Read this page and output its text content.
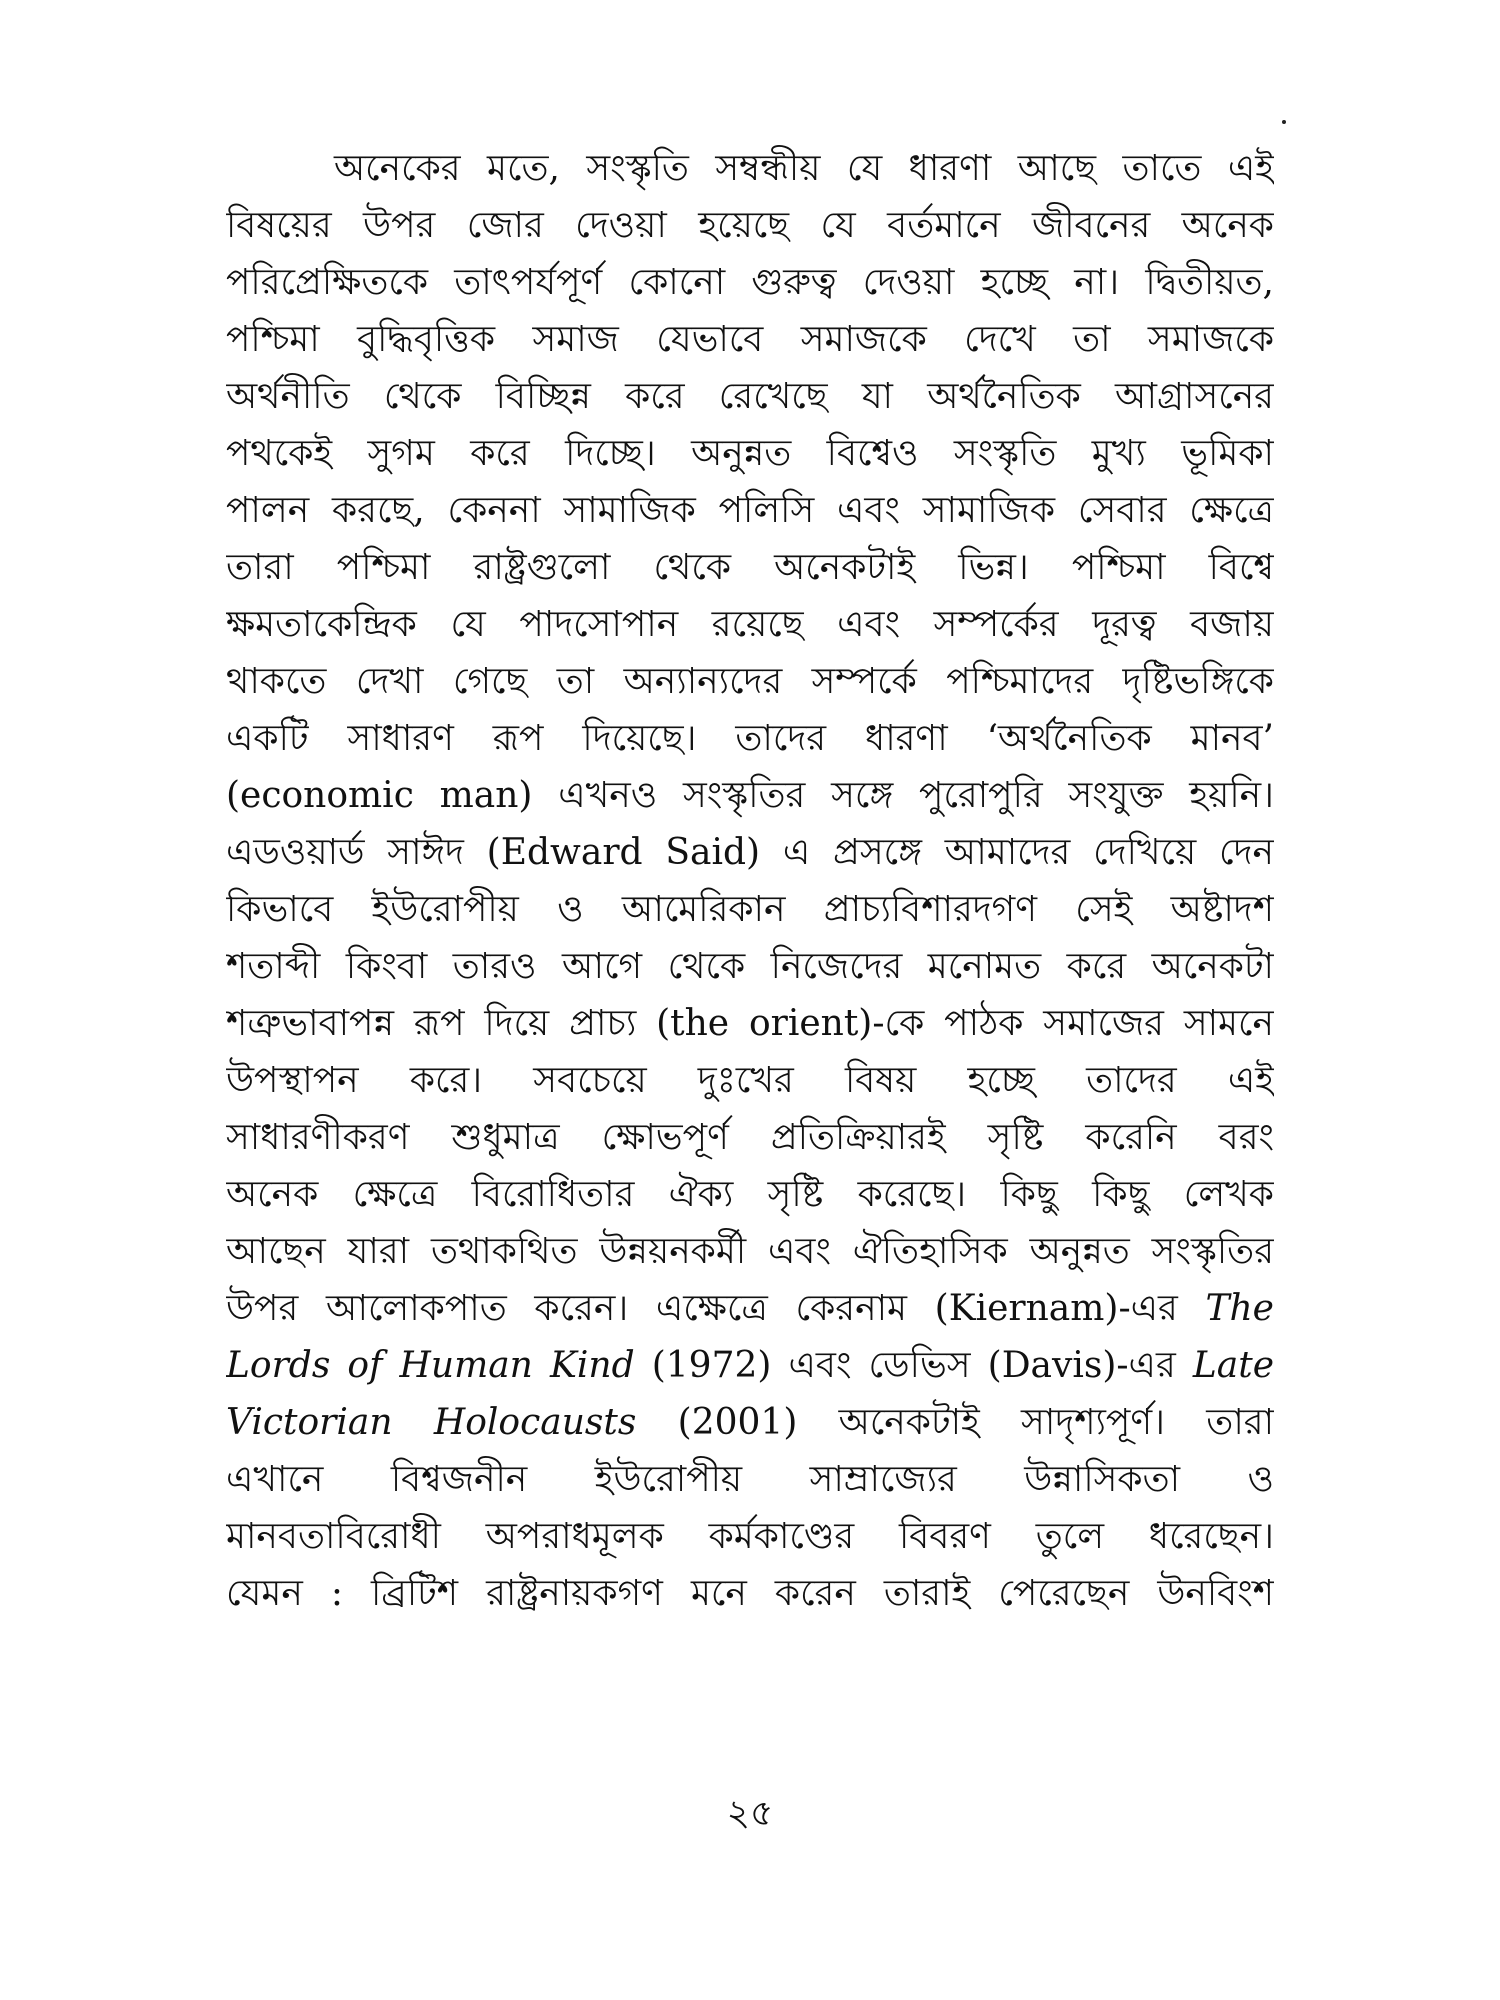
অনেকের মতে, সংস্কৃতি সম্বন্ধীয় যে ধারণা আছে তাতে এই
বিষয়ের উপর জোর দেওয়া হয়েছে যে বর্তমানে জীবনের অনেক
পরিপ্রেক্ষিতকে তাৎপর্যপূর্ণ কোনো গুরুত্ব দেওয়া হচ্ছে না। দ্বিতীয়ত,
পশ্চিমা বুদ্ধিবৃত্তিক সমাজ যেভাবে সমাজকে দেখে তা সমাজকে
অর্থনীতি থেকে বিচ্ছিন্ন করে রেখেছে যা অর্থনৈতিক আগ্রাসনের
পথকেই সুগম করে দিচ্ছে। অনুন্নত বিশ্বেও সংস্কৃতি মুখ্য ভূমিকা
পালন করছে, কেননা সামাজিক পলিসি এবং সামাজিক সেবার ক্ষেত্রে
তারা পশ্চিমা রাষ্ট্রগুলো থেকে অনেকটাই ভিন্ন। পশ্চিমা বিশ্বে
ক্ষমতাকেন্দ্রিক যে পাদসোপান রয়েছে এবং সম্পর্কের দূরত্ব বজায়
থাকতে দেখা গেছে তা অন্যান্যদের সম্পর্কে পশ্চিমাদের দৃষ্টিভঙ্গিকে
একটি সাধারণ রূপ দিয়েছে। তাদের ধারণা ‘অর্থনৈতিক মানব’
(economic man) এখনও সংস্কৃতির সঙ্গে পুরোপুরি সংযুক্ত হয়নি।
এডওয়ার্ড সাঈদ (Edward Said) এ প্রসঙ্গে আমাদের দেখিয়ে দেন
কিভাবে ইউরোপীয় ও আমেরিকান প্রাচ্যবিশারদগণ সেই অষ্টাদশ
শতাব্দী কিংবা তারও আগে থেকে নিজেদের মনোমত করে অনেকটা
শত্রুভাবাপন্ন রূপ দিয়ে প্রাচ্য (the orient)-কে পাঠক সমাজের সামনে
উপস্থাপন করে। সবচেয়ে দুঃখের বিষয় হচ্ছে তাদের এই
সাধারণীকরণ শুধুমাত্র ক্ষোভপূর্ণ প্রতিক্রিয়ারই সৃষ্টি করেনি বরং
অনেক ক্ষেত্রে বিরোধিতার ঐক্য সৃষ্টি করেছে। কিছু কিছু লেখক
আছেন যারা তথাকথিত উন্নয়নকর্মী এবং ঐতিহাসিক অনুন্নত সংস্কৃতির
উপর আলোকপাত করেন। এক্ষেত্রে কেরনাম (Kiernam)-এর The
Lords of Human Kind (1972) এবং ডেভিস (Davis)-এর Late
Victorian Holocausts (2001) অনেকটাই সাদৃশ্যপূর্ণ। তারা
এখানে বিশ্বজনীন ইউরোপীয় সাম্রাজ্যের উন্নাসিকতা ও
মানবতাবিরোধী অপরাধমূলক কর্মকাণ্ডের বিবরণ তুলে ধরেছেন।
যেমন : ব্রিটিশ রাষ্ট্রনায়কগণ মনে করেন তারাই পেরেছেন উনবিংশ
২৫
